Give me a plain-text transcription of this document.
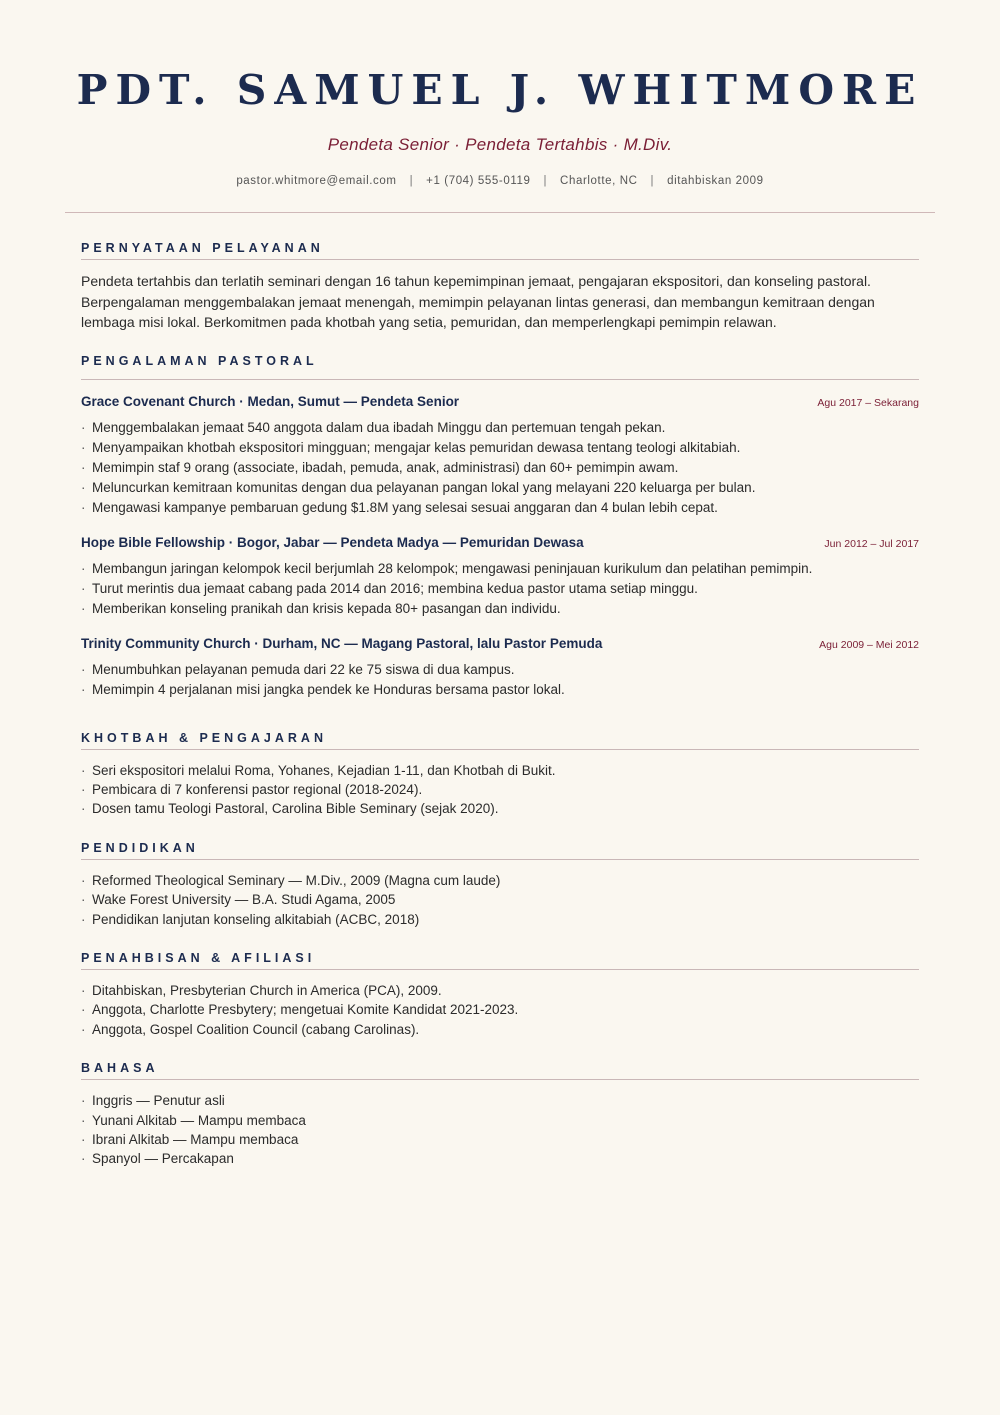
PDT. SAMUEL J. WHITMORE
Pendeta Senior · Pendeta Tertahbis · M.Div.
pastor.whitmore@email.com | +1 (704) 555-0119 | Charlotte, NC | ditahbiskan 2009
PERNYATAAN PELAYANAN
Pendeta tertahbis dan terlatih seminari dengan 16 tahun kepemimpinan jemaat, pengajaran ekspositori, dan konseling pastoral. Berpengalaman menggembalakan jemaat menengah, memimpin pelayanan lintas generasi, dan membangun kemitraan dengan lembaga misi lokal. Berkomitmen pada khotbah yang setia, pemuridan, dan memperlengkapi pemimpin relawan.
PENGALAMAN PASTORAL
Grace Covenant Church · Medan, Sumut — Pendeta Senior	Agu 2017 – Sekarang
· Menggembalakan jemaat 540 anggota dalam dua ibadah Minggu dan pertemuan tengah pekan.
· Menyampaikan khotbah ekspositori mingguan; mengajar kelas pemuridan dewasa tentang teologi alkitabiah.
· Memimpin staf 9 orang (associate, ibadah, pemuda, anak, administrasi) dan 60+ pemimpin awam.
· Meluncurkan kemitraan komunitas dengan dua pelayanan pangan lokal yang melayani 220 keluarga per bulan.
· Mengawasi kampanye pembaruan gedung $1.8M yang selesai sesuai anggaran dan 4 bulan lebih cepat.
Hope Bible Fellowship · Bogor, Jabar — Pendeta Madya — Pemuridan Dewasa	Jun 2012 – Jul 2017
· Membangun jaringan kelompok kecil berjumlah 28 kelompok; mengawasi peninjauan kurikulum dan pelatihan pemimpin.
· Turut merintis dua jemaat cabang pada 2014 dan 2016; membina kedua pastor utama setiap minggu.
· Memberikan konseling pranikah dan krisis kepada 80+ pasangan dan individu.
Trinity Community Church · Durham, NC — Magang Pastoral, lalu Pastor Pemuda	Agu 2009 – Mei 2012
· Menumbuhkan pelayanan pemuda dari 22 ke 75 siswa di dua kampus.
· Memimpin 4 perjalanan misi jangka pendek ke Honduras bersama pastor lokal.
KHOTBAH & PENGAJARAN
· Seri ekspositori melalui Roma, Yohanes, Kejadian 1-11, dan Khotbah di Bukit.
· Pembicara di 7 konferensi pastor regional (2018-2024).
· Dosen tamu Teologi Pastoral, Carolina Bible Seminary (sejak 2020).
PENDIDIKAN
· Reformed Theological Seminary — M.Div., 2009 (Magna cum laude)
· Wake Forest University — B.A. Studi Agama, 2005
· Pendidikan lanjutan konseling alkitabiah (ACBC, 2018)
PENAHBISAN & AFILIASI
· Ditahbiskan, Presbyterian Church in America (PCA), 2009.
· Anggota, Charlotte Presbytery; mengetuai Komite Kandidat 2021-2023.
· Anggota, Gospel Coalition Council (cabang Carolinas).
BAHASA
· Inggris — Penutur asli
· Yunani Alkitab — Mampu membaca
· Ibrani Alkitab — Mampu membaca
· Spanyol — Percakapan
